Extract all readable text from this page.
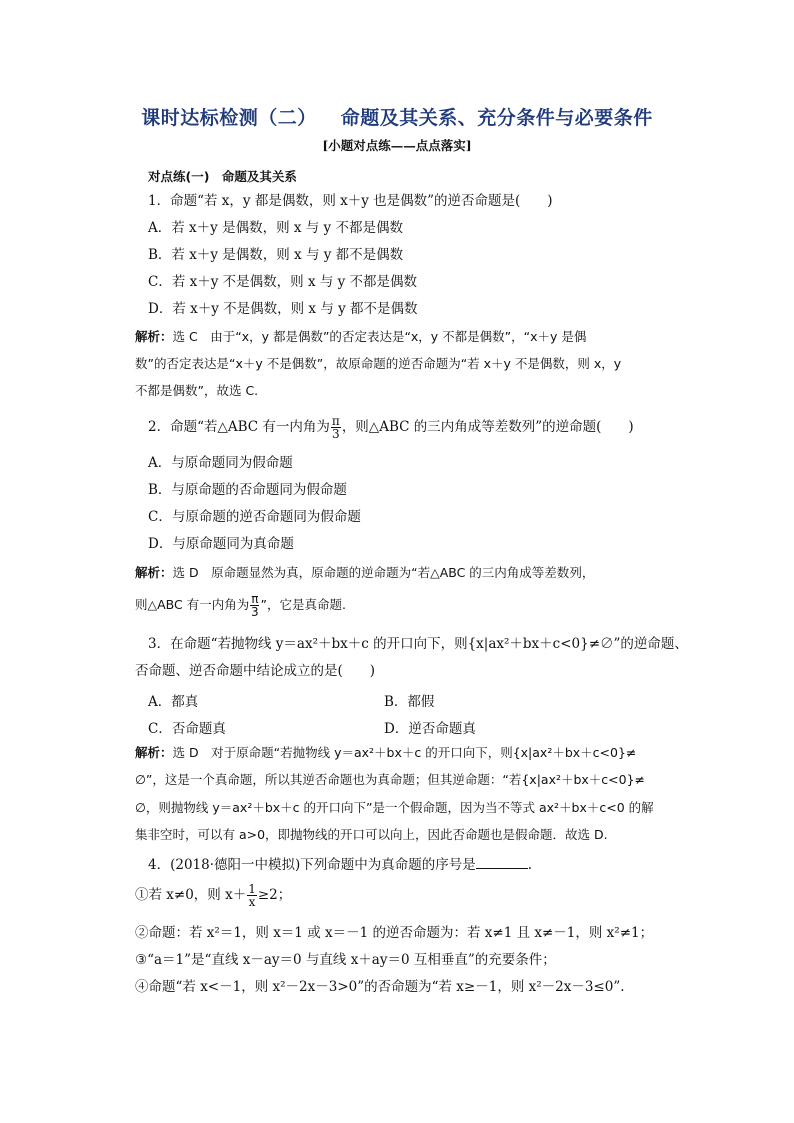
课时达标检测（二） 命题及其关系、充分条件与必要条件
[小题对点练——点点落实]
对点练(一)　命题及其关系
1．命题“若 x，y 都是偶数，则 x＋y 也是偶数”的逆否命题是(　　)
A．若 x＋y 是偶数，则 x 与 y 不都是偶数
B．若 x＋y 是偶数，则 x 与 y 都不是偶数
C．若 x＋y 不是偶数，则 x 与 y 不都是偶数
D．若 x＋y 不是偶数，则 x 与 y 都不是偶数
解析：选 C　由于“x，y 都是偶数”的否定表达是“x，y 不都是偶数”，“x＋y 是偶
数”的否定表达是“x＋y 不是偶数”，故原命题的逆否命题为“若 x＋y 不是偶数，则 x，y
不都是偶数”，故选 C.
2．命题“若△ABC 有一内角为 $\frac{\pi}{3}$ ，则△ABC 的三内角成等差数列”的逆命题(　　)
A．与原命题同为假命题
B．与原命题的否命题同为假命题
C．与原命题的逆否命题同为假命题
D．与原命题同为真命题
解析：选 D　原命题显然为真，原命题的逆命题为“若△ABC 的三内角成等差数列，
则△ABC 有一内角为 $\frac{\pi}{3}$ ”，它是真命题.
3．在命题“若抛物线 y＝ax²＋bx＋c 的开口向下，则{x|ax²＋bx＋c<0}≠∅”的逆命题、
否命题、逆否命题中结论成立的是(　　)
A．都真	B．都假
C．否命题真	D．逆否命题真
解析：选 D　对于原命题“若抛物线 y＝ax²＋bx＋c 的开口向下，则{x|ax²＋bx＋c<0}≠
∅”，这是一个真命题，所以其逆否命题也为真命题；但其逆命题：“若{x|ax²＋bx＋c<0}≠
∅，则抛物线 y＝ax²＋bx＋c 的开口向下”是一个假命题，因为当不等式 ax²＋bx＋c<0 的解
集非空时，可以有 a>0，即抛物线的开口可以向上，因此否命题也是假命题．故选 D.
4．(2018·德阳一中模拟)下列命题中为真命题的序号是	.
①若 x≠0，则 $x+ \frac{1}{x} \ge 2$；
②命题：若 x²＝1，则 x＝1 或 x＝－1 的逆否命题为：若 x≠1 且 x≠－1，则 x²≠1；
③“a＝1”是“直线 x－ay＝0 与直线 x＋ay＝0 互相垂直”的充要条件；
④命题“若 x<－1，则 x²－2x－3>0”的否命题为“若 x≥－1，则 x²－2x－3≤0”.
